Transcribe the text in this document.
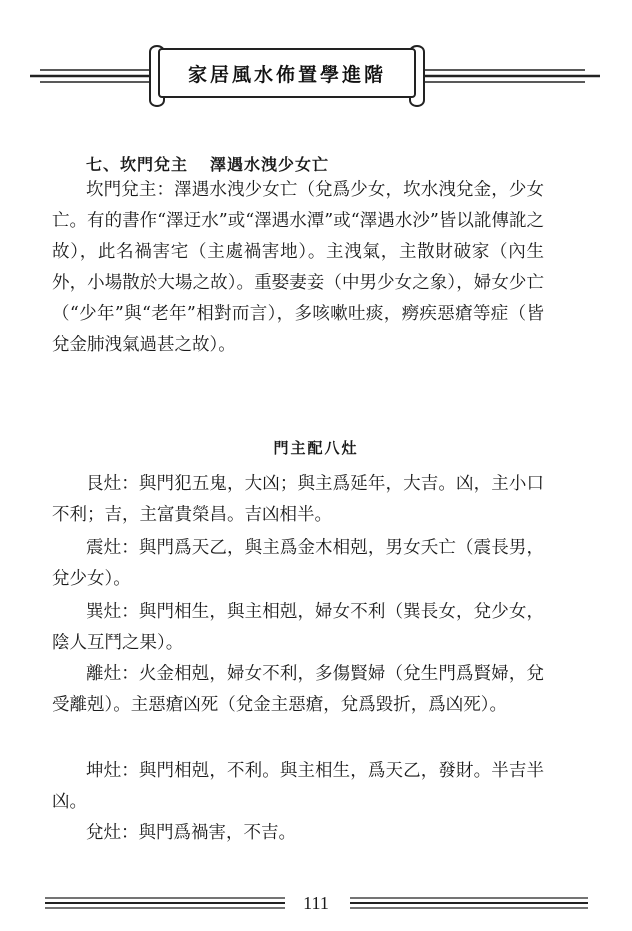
家居風水佈置學進階
七、坎門兌主 澤遇水洩少女亡

坎門兌主：澤遇水洩少女亡（兌爲少女，坎水洩兌金，少女亡。有的書作“澤迂水”或“澤遇水潭”或“澤遇水沙”皆以訛傳訛之故），此名禍害宅（主處禍害地）。主洩氣，主散財破家（內生外，小場散於大場之故）。重娶妻妾（中男少女之象），婦女少亡（“少年”與“老年”相對而言），多咳嗽吐痰，癆疾惡瘡等症（皆兌金肺洩氣過甚之故）。

門主配八灶

艮灶：與門犯五鬼，大凶；與主爲延年，大吉。凶，主小口不利；吉，主富貴榮昌。吉凶相半。

震灶：與門爲天乙，與主爲金木相剋，男女夭亡（震長男，兌少女）。

巽灶：與門相生，與主相剋，婦女不利（巽長女，兌少女，陰人互鬥之果）。

離灶：火金相剋，婦女不利，多傷賢婦（兌生門爲賢婦，兌受離剋）。主惡瘡凶死（兌金主惡瘡，兌爲毀折，爲凶死）。

坤灶：與門相剋，不利。與主相生，爲天乙，發財。半吉半凶。

兌灶：與門爲禍害，不吉。

111
